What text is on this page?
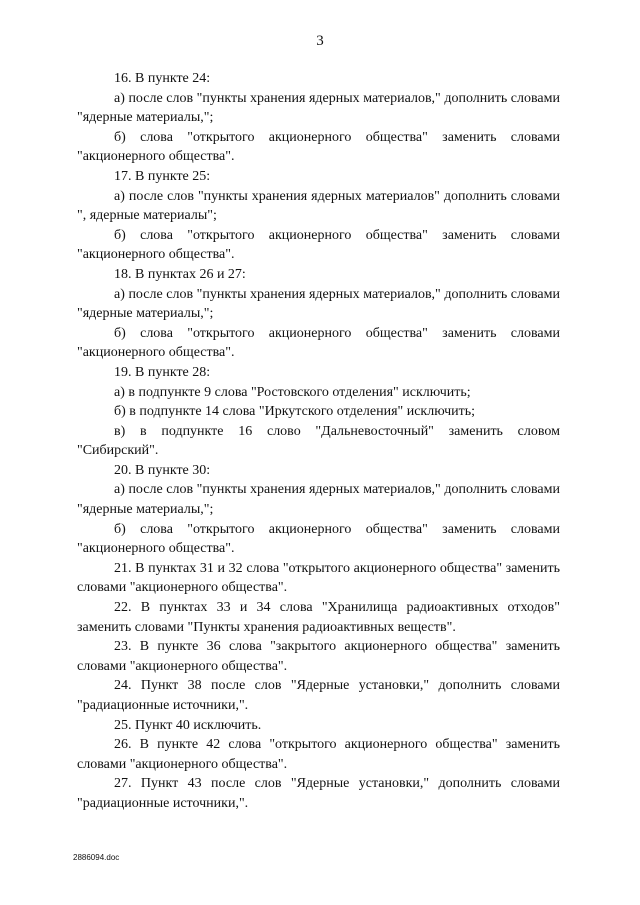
3

16. В пункте 24:

а) после слов "пункты хранения ядерных материалов," дополнить словами "ядерные материалы,";

б) слова "открытого акционерного общества" заменить словами "акционерного общества".

17. В пункте 25:

а) после слов "пункты хранения ядерных материалов" дополнить словами ", ядерные материалы";

б) слова "открытого акционерного общества" заменить словами "акционерного общества".

18. В пунктах 26 и 27:

а) после слов "пункты хранения ядерных материалов," дополнить словами "ядерные материалы,";

б) слова "открытого акционерного общества" заменить словами "акционерного общества".

19. В пункте 28:

а) в подпункте 9 слова "Ростовского отделения" исключить;

б) в подпункте 14 слова "Иркутского отделения" исключить;

в) в подпункте 16 слово "Дальневосточный" заменить словом "Сибирский".

20. В пункте 30:

а) после слов "пункты хранения ядерных материалов," дополнить словами "ядерные материалы,";

б) слова "открытого акционерного общества" заменить словами "акционерного общества".

21. В пунктах 31 и 32 слова "открытого акционерного общества" заменить словами "акционерного общества".

22. В пунктах 33 и 34 слова "Хранилища радиоактивных отходов" заменить словами "Пункты хранения радиоактивных веществ".

23. В пункте 36 слова "закрытого акционерного общества" заменить словами "акционерного общества".

24. Пункт 38 после слов "Ядерные установки," дополнить словами "радиационные источники,".

25. Пункт 40 исключить.

26. В пункте 42 слова "открытого акционерного общества" заменить словами "акционерного общества".

27. Пункт 43 после слов "Ядерные установки," дополнить словами "радиационные источники,".

2886094.doc
